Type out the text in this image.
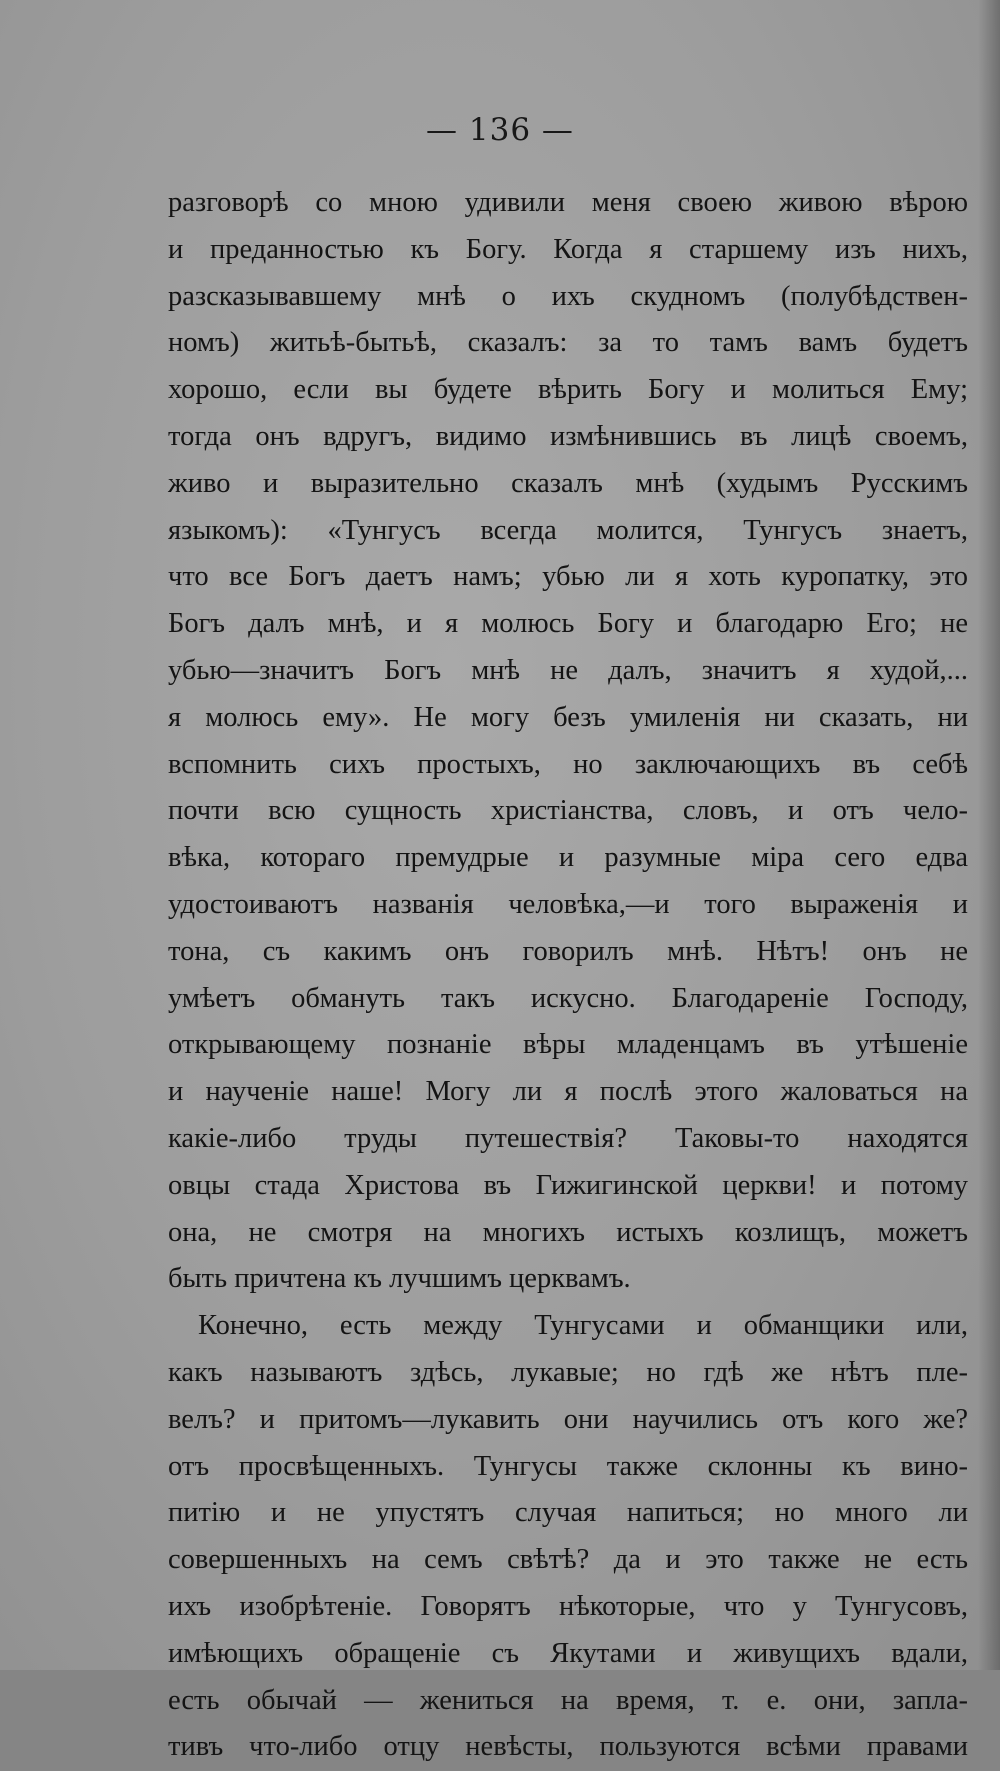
— 136 —
разговорѣ со мною удивили меня своею живою вѣрою
и преданностью къ Богу. Когда я старшему изъ нихъ,
разсказывавшему мнѣ о ихъ скудномъ (полубѣдствен-
номъ) житьѣ-бытьѣ, сказалъ: за то тамъ вамъ будетъ
хорошо, если вы будете вѣрить Богу и молиться Ему;
тогда онъ вдругъ, видимо измѣнившись въ лицѣ своемъ,
живо и выразительно сказалъ мнѣ (худымъ Русскимъ
языкомъ): «Тунгусъ всегда молится, Тунгусъ знаетъ,
что все Богъ даетъ намъ; убью ли я хоть куропатку, это
Богъ далъ мнѣ, и я молюсь Богу и благодарю Его; не
убью—значитъ Богъ мнѣ не далъ, значитъ я худой,...
я молюсь ему». Не могу безъ умиленія ни сказать, ни
вспомнить сихъ простыхъ, но заключающихъ въ себѣ
почти всю сущность христіанства, словъ, и отъ чело-
вѣка, котораго премудрые и разумные міра сего едва
удостоиваютъ названія человѣка,—и того выраженія и
тона, съ какимъ онъ говорилъ мнѣ. Нѣтъ! онъ не
умѣетъ обмануть такъ искусно. Благодареніе Господу,
открывающему познаніе вѣры младенцамъ въ утѣшеніе
и наученіе наше! Могу ли я послѣ этого жаловаться на
какіе-либо труды путешествія? Таковы-то находятся
овцы стада Христова въ Гижигинской церкви! и потому
она, не смотря на многихъ истыхъ козлищъ, можетъ
быть причтена къ лучшимъ церквамъ.
Конечно, есть между Тунгусами и обманщики или,
какъ называютъ здѣсь, лукавые; но гдѣ же нѣтъ пле-
велъ? и притомъ—лукавить они научились отъ кого же?
отъ просвѣщенныхъ. Тунгусы также склонны къ вино-
питію и не упустятъ случая напиться; но много ли
совершенныхъ на семъ свѣтѣ? да и это также не есть
ихъ изобрѣтеніе. Говорятъ нѣкоторые, что у Тунгусовъ,
имѣющихъ обращеніе съ Якутами и живущихъ вдали,
есть обычай — жениться на время, т. е. они, запла-
тивъ что-либо отцу невѣсты, пользуются всѣми правами
